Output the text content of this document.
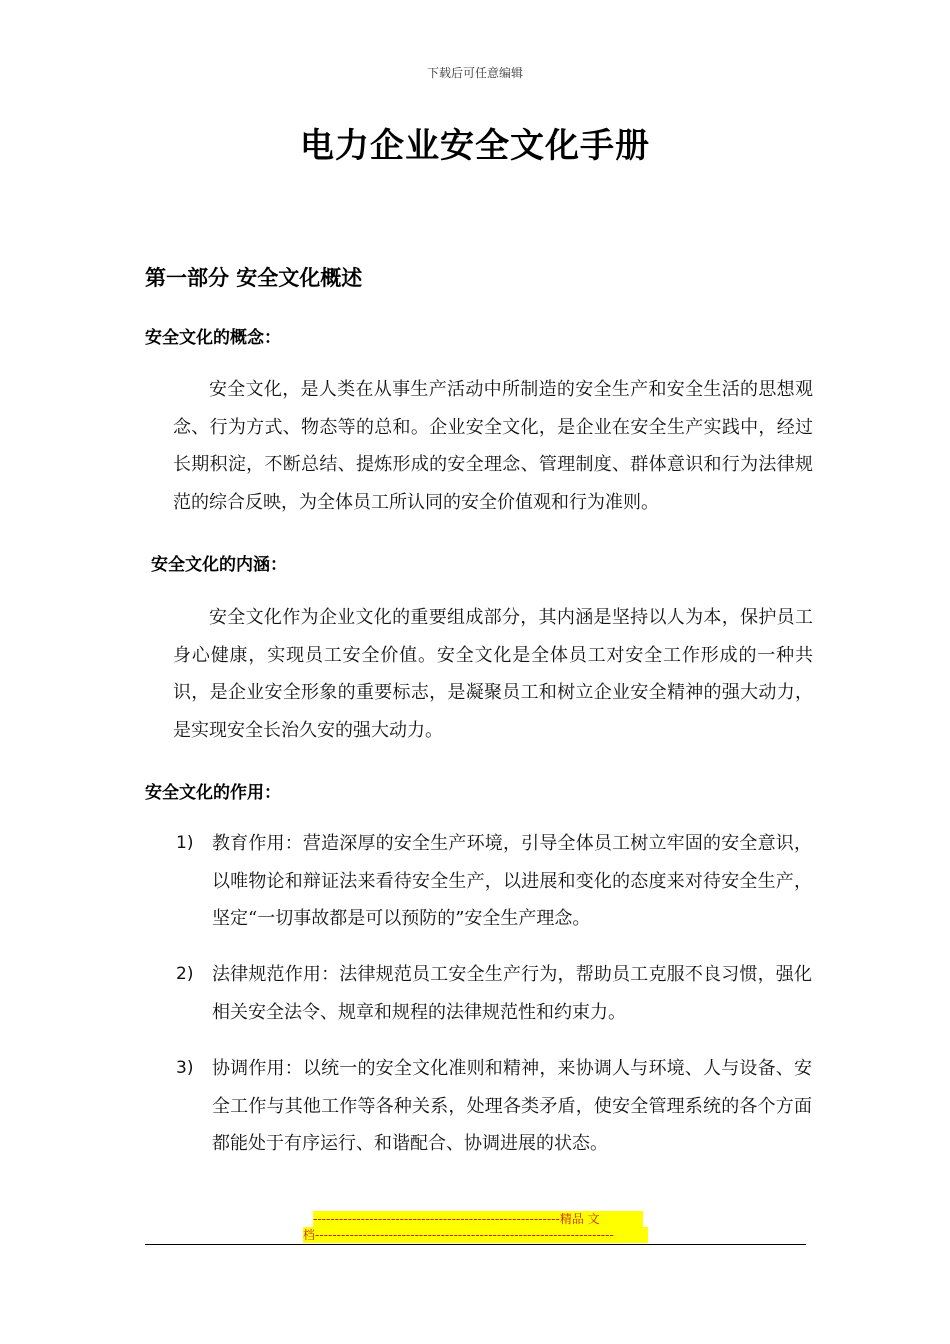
下载后可任意编辑
电力企业安全文化手册
第一部分 安全文化概述
安全文化的概念：
安全文化，是人类在从事生产活动中所制造的安全生产和安全生活的思想观念、行为方式、物态等的总和。企业安全文化，是企业在安全生产实践中，经过长期积淀，不断总结、提炼形成的安全理念、管理制度、群体意识和行为法律规范的综合反映，为全体员工所认同的安全价值观和行为准则。
安全文化的内涵：
安全文化作为企业文化的重要组成部分，其内涵是坚持以人为本，保护员工身心健康，实现员工安全价值。安全文化是全体员工对安全工作形成的一种共识，是企业安全形象的重要标志，是凝聚员工和树立企业安全精神的强大动力，是实现安全长治久安的强大动力。
安全文化的作用：
1) 教育作用：营造深厚的安全生产环境，引导全体员工树立牢固的安全意识，以唯物论和辩证法来看待安全生产，以进展和变化的态度来对待安全生产，坚定“一切事故都是可以预防的”安全生产理念。
2) 法律规范作用：法律规范员工安全生产行为，帮助员工克服不良习惯，强化相关安全法令、规章和规程的法律规范性和约束力。
3) 协调作用：以统一的安全文化准则和精神，来协调人与环境、人与设备、安全工作与其他工作等各种关系，处理各类矛盾，使安全管理系统的各个方面都能处于有序运行、和谐配合、协调进展的状态。
---------------------------------------------------------精品 文
档---------------------------------------------------------------------
